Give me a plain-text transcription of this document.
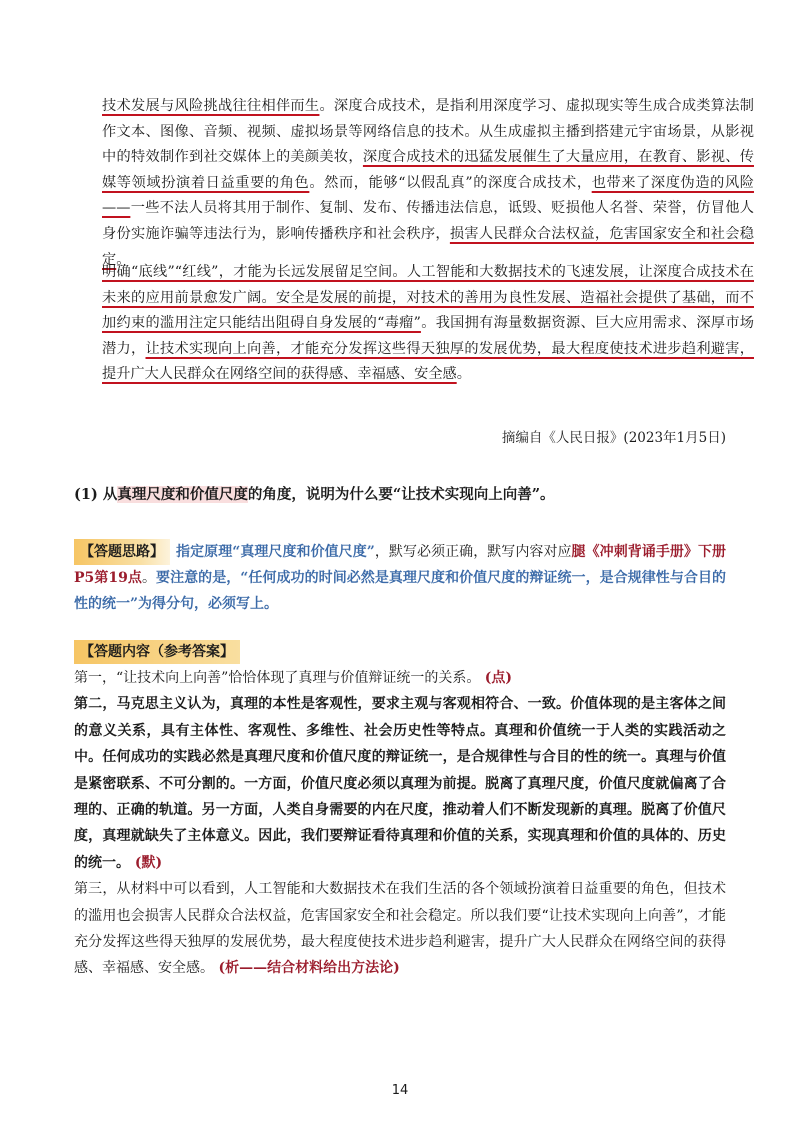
技术发展与风险挑战往往相伴而生。深度合成技术，是指利用深度学习、虚拟现实等生成合成类算法制作文本、图像、音频、视频、虚拟场景等网络信息的技术。从生成虚拟主播到搭建元宇宙场景，从影视中的特效制作到社交媒体上的美颜美妆，深度合成技术的迅猛发展催生了大量应用，在教育、影视、传媒等领域扮演着日益重要的角色。然而，能够“以假乱真”的深度合成技术，也带来了深度伪造的风险——一些不法人员将其用于制作、复制、发布、传播违法信息，诋毁、贬损他人名誉、荣誉，仿冒他人身份实施诈骗等违法行为，影响传播秩序和社会秩序，损害人民群众合法权益，危害国家安全和社会稳定。

明确“底线”“红线”，才能为长远发展留足空间。人工智能和大数据技术的飞速发展，让深度合成技术在未来的应用前景愈发广阔。安全是发展的前提，对技术的善用为良性发展、造福社会提供了基础，而不加约束的滥用注定只能结出阻碍自身发展的“毒瘤”。我国拥有海量数据资源、巨大应用需求、深厚市场潜力，让技术实现向上向善，才能充分发挥这些得天独厚的发展优势，最大程度使技术进步趋利避害，提升广大人民群众在网络空间的获得感、幸福感、安全感。

摘编自《人民日报》(2023年1月5日)
(1) 从真理尺度和价值尺度的角度，说明为什么要“让技术实现向上向善”。
【答题思路】 指定原理“真理尺度和价值尺度”，默写必须正确，默写内容对应腿《冲刺背诵手册》下册P5第19点。要注意的是，“任何成功的时间必然是真理尺度和价值尺度的辩证统一，是合规律性与合目的性的统一”为得分句，必须写上。
【答题内容（参考答案】

第一，“让技术向上向善”恰恰体现了真理与价值辩证统一的关系。 (点)

第二，马克思主义认为，真理的本性是客观性，要求主观与客观相符合、一致。价值体现的是主客体之间的意义关系，具有主体性、客观性、多维性、社会历史性等特点。真理和价值统一于人类的实践活动之中。任何成功的实践必然是真理尺度和价值尺度的辩证统一，是合规律性与合目的性的统一。真理与价值是紧密联系、不可分割的。一方面，价值尺度必须以真理为前提。脱离了真理尺度，价值尺度就偏离了合理的、正确的轨道。另一方面，人类自身需要的内在尺度，推动着人们不断发现新的真理。脱离了价值尺度，真理就缺失了主体意义。因此，我们要辩证看待真理和价值的关系，实现真理和价值的具体的、历史的统一。 (默)

第三，从材料中可以看到，人工智能和大数据技术在我们生活的各个领域扮演着日益重要的角色，但技术的滥用也会损害人民群众合法权益，危害国家安全和社会稳定。所以我们要“让技术实现向上向善”，才能充分发挥这些得天独厚的发展优势，最大程度使技术进步趋利避害，提升广大人民群众在网络空间的获得感、幸福感、安全感。 (析——结合材料给出方法论)

14
